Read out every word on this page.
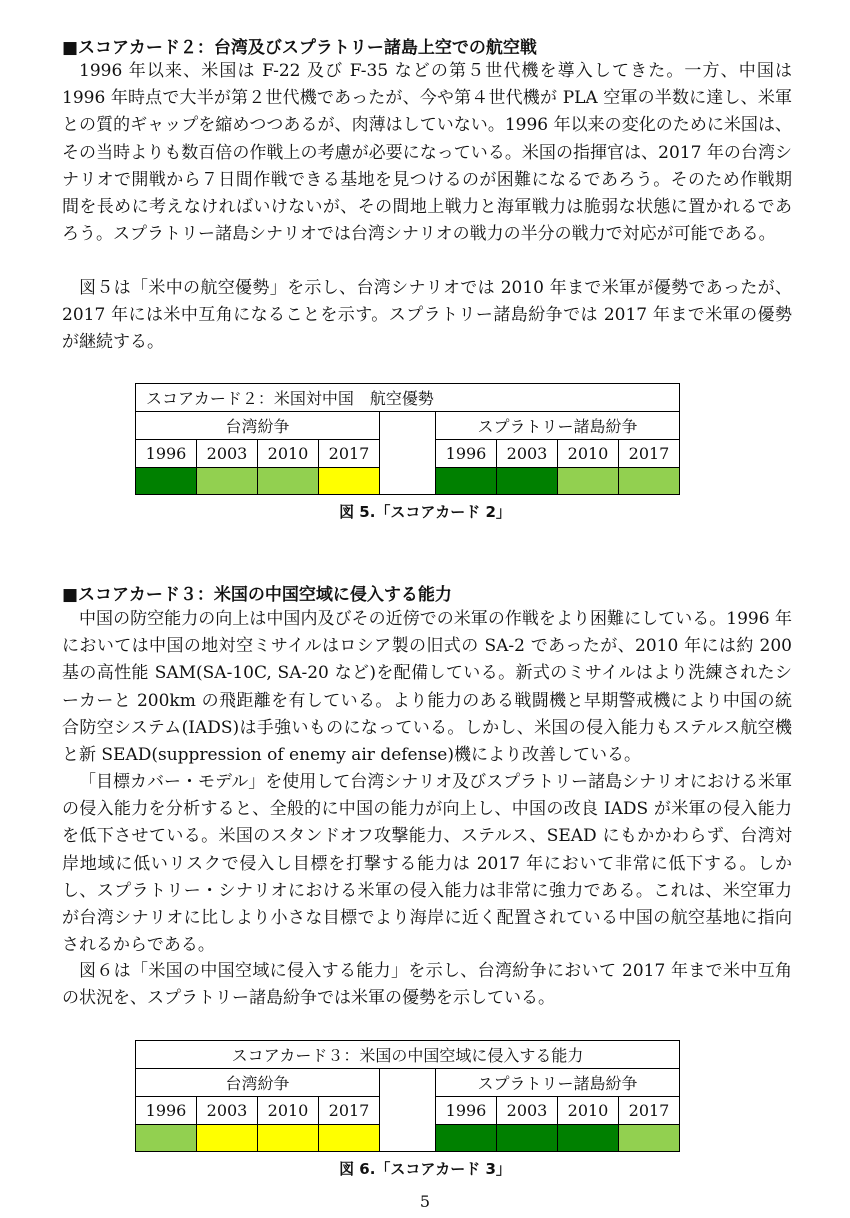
■スコアカード２：台湾及びスプラトリー諸島上空での航空戦

1996 年以来、米国は F-22 及び F-35 などの第５世代機を導入してきた。一方、中国は 1996 年時点で大半が第２世代機であったが、今や第４世代機が PLA 空軍の半数に達し、米軍との質的ギャップを縮めつつあるが、肉薄はしていない。1996 年以来の変化のために米国は、その当時よりも数百倍の作戦上の考慮が必要になっている。米国の指揮官は、2017 年の台湾シナリオで開戦から７日間作戦できる基地を見つけるのが困難になるであろう。そのため作戦期間を長めに考えなければいけないが、その間地上戦力と海軍戦力は脆弱な状態に置かれるであろう。スプラトリー諸島シナリオでは台湾シナリオの戦力の半分の戦力で対応が可能である。

図５は「米中の航空優勢」を示し、台湾シナリオでは 2010 年まで米軍が優勢であったが、2017 年には米中互角になることを示す。スプラトリー諸島紛争では 2017 年まで米軍の優勢が継続する。

スコアカード２：米国対中国　航空優勢								
台湾紛争					スプラトリー諸島紛争			
1996	2003	2010	2017		1996	2003	2010	2017

図 5.「スコアカード 2」
■スコアカード３：米国の中国空域に侵入する能力

中国の防空能力の向上は中国内及びその近傍での米軍の作戦をより困難にしている。1996 年においては中国の地対空ミサイルはロシア製の旧式の SA-2 であったが、2010 年には約 200 基の高性能 SAM(SA-10C, SA-20 など)を配備している。新式のミサイルはより洗練されたシーカーと 200km の飛距離を有している。より能力のある戦闘機と早期警戒機により中国の統合防空システム(IADS)は手強いものになっている。しかし、米国の侵入能力もステルス航空機と新 SEAD(suppression of enemy air defense)機により改善している。

「目標カバー・モデル」を使用して台湾シナリオ及びスプラトリー諸島シナリオにおける米軍の侵入能力を分析すると、全般的に中国の能力が向上し、中国の改良 IADS が米軍の侵入能力を低下させている。米国のスタンドオフ攻撃能力、ステルス、SEAD にもかかわらず、台湾対岸地域に低いリスクで侵入し目標を打撃する能力は 2017 年において非常に低下する。しかし、スプラトリー・シナリオにおける米軍の侵入能力は非常に強力である。これは、米空軍力が台湾シナリオに比しより小さな目標でより海岸に近く配置されている中国の航空基地に指向されるからである。

図６は「米国の中国空域に侵入する能力」を示し、台湾紛争において 2017 年まで米中互角の状況を、スプラトリー諸島紛争では米軍の優勢を示している。

スコアカード３：米国の中国空域に侵入する能力								
台湾紛争					スプラトリー諸島紛争			
1996	2003	2010	2017		1996	2003	2010	2017

図 6.「スコアカード 3」
5
